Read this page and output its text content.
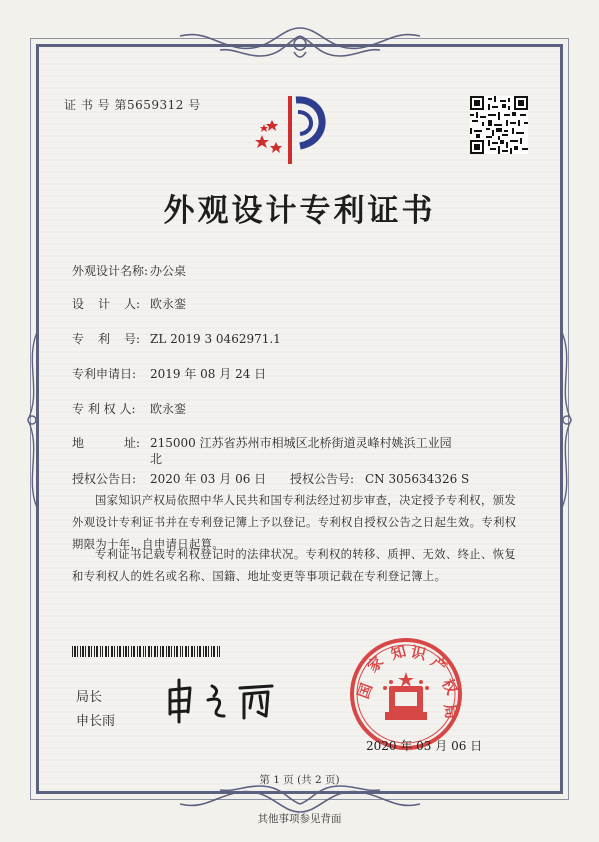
证 书 号 第5659312 号
外观设计专利证书
外观设计名称: 办公桌
设 计 人: 欧永銮
专 利 号: ZL 2019 3 0462971.1
专利申请日: 2019 年 08 月 24 日
专 利 权 人: 欧永銮
地	址: 215000 江苏省苏州市相城区北桥街道灵峰村姚浜工业园
北
授权公告日: 2020 年 03 月 06 日 授权公告号: CN 305634326 S
国家知识产权局依照中华人民共和国专利法经过初步审查，决定授予专利权，颁发外观设计专利证书并在专利登记簿上予以登记。专利权自授权公告之日起生效。专利权期限为十年，自申请日起算。
专利证书记载专利权登记时的法律状况。专利权的转移、质押、无效、终止、恢复和专利权人的姓名或名称、国籍、地址变更等事项记载在专利登记簿上。
局长
申长雨
国
家 知 识 产
权
局
2020 年 03 月 06 日
第 1 页 (共 2 页)
其他事项参见背面
